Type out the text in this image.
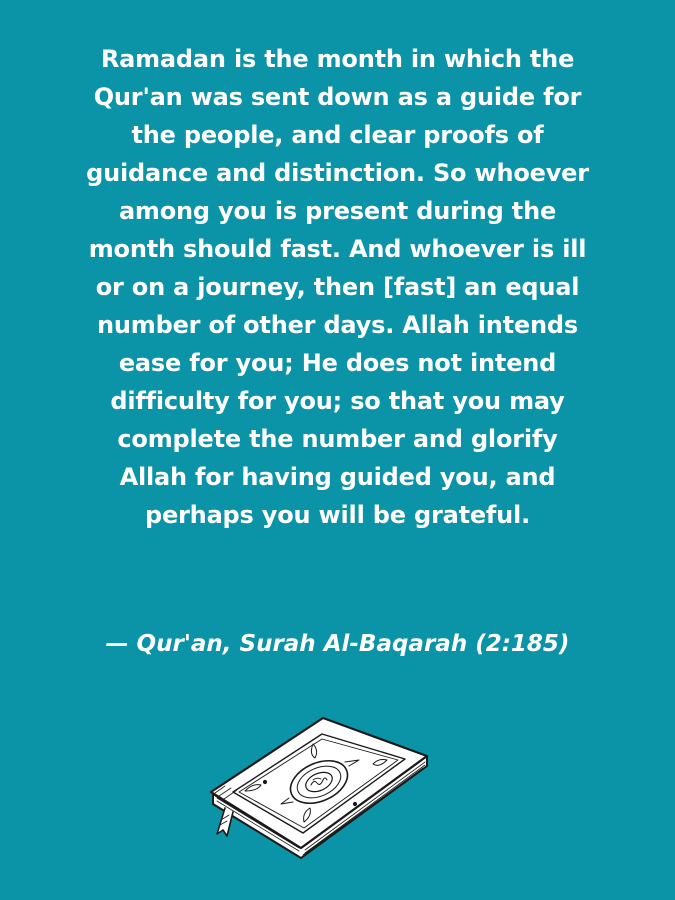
Ramadan is the month in which the Qur'an was sent down as a guide for the people, and clear proofs of guidance and distinction. So whoever among you is present during the month should fast. And whoever is ill or on a journey, then [fast] an equal number of other days. Allah intends ease for you; He does not intend difficulty for you; so that you may complete the number and glorify Allah for having guided you, and perhaps you will be grateful.

— Qur'an, Surah Al-Baqarah (2:185)
